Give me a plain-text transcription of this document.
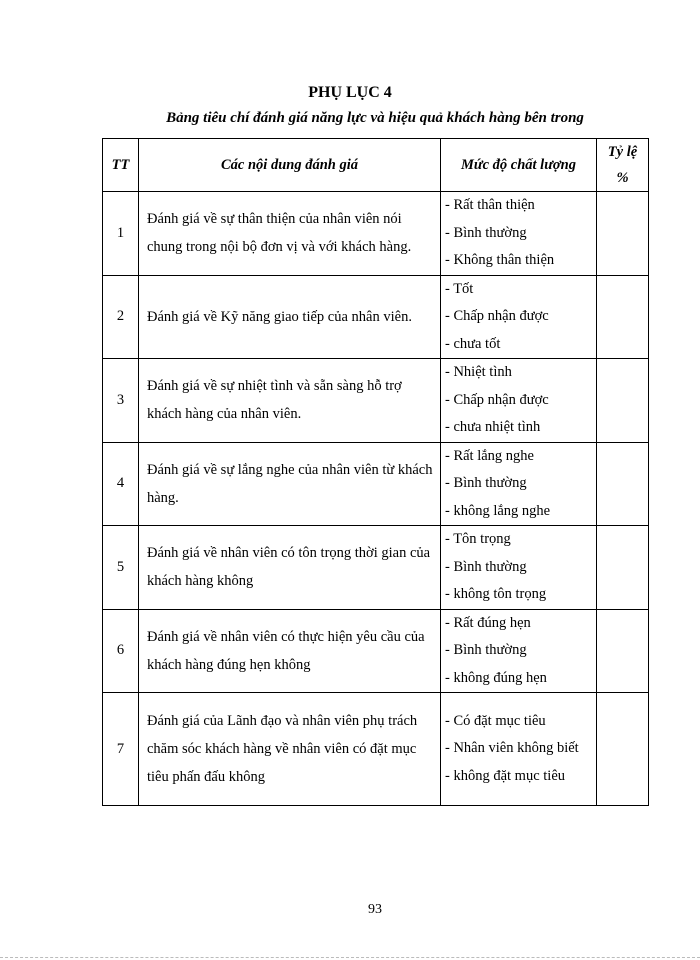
PHỤ LỤC 4
Bảng tiêu chí đánh giá năng lực và hiệu quả khách hàng bên trong
TT	Các nội dung đánh giá	Mức độ chất lượng	Tỷ lệ
%

1	Đánh giá về sự thân thiện của nhân viên nói chung trong nội bộ đơn vị và với khách hàng.	- Rất thân thiện
- Bình thường
- Không thân thiện	

2	Đánh giá về Kỹ năng giao tiếp của nhân viên.	- Tốt
- Chấp nhận được
- chưa tốt	

3	Đánh giá về sự nhiệt tình và sẵn sàng hỗ trợ khách hàng của nhân viên.	- Nhiệt tình
- Chấp nhận được
- chưa nhiệt tình	

4	Đánh giá về sự lắng nghe của nhân viên từ khách hàng.	- Rất lắng nghe
- Bình thường
- không lắng nghe	

5	Đánh giá về nhân viên có tôn trọng thời gian của khách hàng không	- Tôn trọng
- Bình thường
- không tôn trọng	

6	Đánh giá về nhân viên có thực hiện yêu cầu của khách hàng đúng hẹn không	- Rất đúng hẹn
- Bình thường
- không đúng hẹn	

7	Đánh giá của Lãnh đạo và nhân viên phụ trách chăm sóc khách hàng về nhân viên có đặt mục tiêu phấn đấu không	- Có đặt mục tiêu
- Nhân viên không biết
- không đặt mục tiêu	

93
